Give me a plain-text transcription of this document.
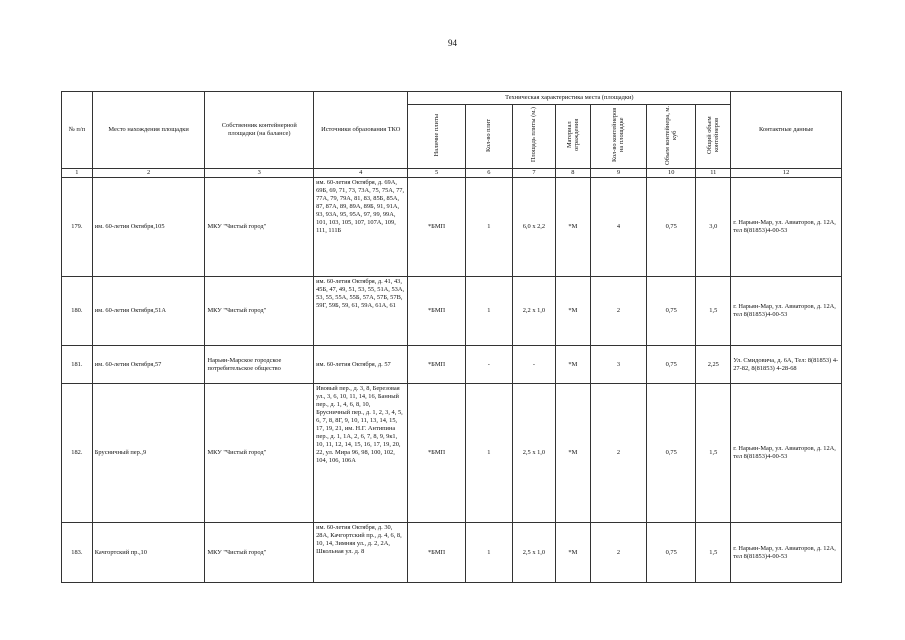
94
№ п/п	Место нахождения площадки	Собственник контейнерной площадки (на балансе)	Источники образования ТКО	Техническая характеристика места (площадки)							Контактные данные
				Наличие плиты	Кол-во плит	Площадь плиты (м.)	Материал ограждения	Кол-во контейнеров на площадке	Объем контейнера, м. куб	Общий объем контейнеров	
1	2	3	4	5	6	7	8	9	10	11	12
179.	им. 60-летия Октября,105	МКУ "Чистый город"	им. 60-летия Октября, д. 69А, 69Б, 69, 71, 73, 73А, 75, 75А, 77, 77А, 79, 79А, 81, 83, 85Б, 85А, 87, 87А, 89, 89А, 89Б, 91, 91А, 93, 93А, 95, 95А, 97, 99, 99А, 101, 103, 105, 107, 107А, 109, 111, 111Б	*БМП	1	6,0 х 2,2	*М	4	0,75	3,0	г. Нарьян-Мар, ул. Авиаторов, д. 12А, тел 8(81853)4-00-53
180.	им. 60-летия Октября,51А	МКУ "Чистый город"	им. 60-летия Октября, д. 41, 43, 45Б, 47, 49, 51, 53, 55, 51А, 53А, 53, 55, 55А, 55Б, 57А, 57Б, 57В, 59Г, 59Б, 59, 61, 59А, 61А, 61	*БМП	1	2,2 х 1,0	*М	2	0,75	1,5	г. Нарьян-Мар, ул. Авиаторов, д. 12А, тел 8(81853)4-00-53
181.	им. 60-летия Октября,57	Нарьян-Марское городское потребительское общество	им. 60-летия Октября, д. 57	*БМП	-	-	*М	3	0,75	2,25	Ул. Смидовича, д. 6А, Тел: 8(81853) 4-27-82, 8(81853) 4-28-68
182.	Брусничный пер.,9	МКУ "Чистый город"	Ивовый пер., д. 3, 8, Березовая ул., 3, 6, 10, 11, 14, 16, Банный пер., д. 1, 4, 6, 8, 10, Брусничный пер., д. 1, 2, 3, 4, 5, 6, 7, 8, 8Г, 9, 10, 11, 13, 14, 15, 17, 19, 21, им. Н.Г. Антипина пер., д. 1, 1А, 2, 6, 7, 8, 9, 9к1, 10, 11, 12, 14, 15, 16, 17, 19, 20, 22, ул. Мира 96, 98, 100, 102, 104, 106, 106А	*БМП	1	2,5 х 1,0	*М	2	0,75	1,5	г. Нарьян-Мар, ул. Авиаторов, д. 12А, тел 8(81853)4-00-53
183.	Качгортский пр.,10	МКУ "Чистый город"	им. 60-летия Октября, д. 30, 28А, Качгортский пр., д. 4, 6, 8, 10, 14, Зимняя ул., д. 2, 2А, Школьная ул. д. 8	*БМП	1	2,5 х 1,0	*М	2	0,75	1,5	г. Нарьян-Мар, ул. Авиаторов, д. 12А, тел 8(81853)4-00-53
